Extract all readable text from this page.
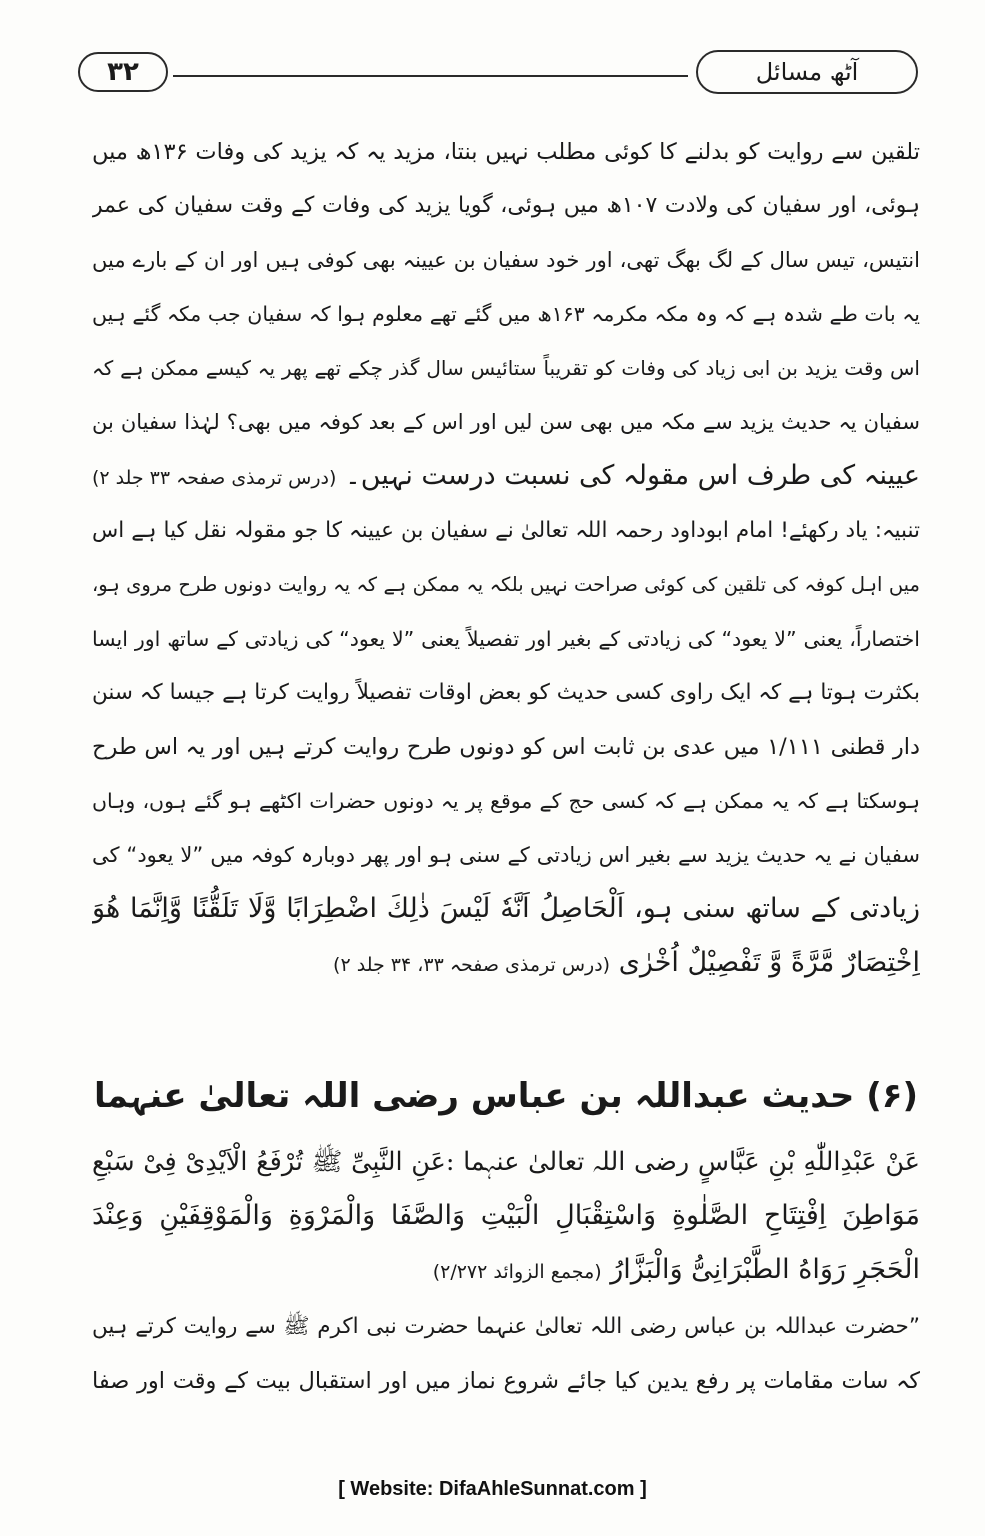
۳۲	آٹھ مسائل
تلقین سے روایت کو بدلنے کا کوئی مطلب نہیں بنتا، مزید یہ کہ یزید کی وفات ۱۳۶ھ میں
ہوئی، اور سفیان کی ولادت ۱۰۷ھ میں ہوئی، گویا یزید کی وفات کے وقت سفیان کی عمر
انتیس، تیس سال کے لگ بھگ تھی، اور خود سفیان بن عیینہ بھی کوفی ہیں اور ان کے بارے میں
یہ بات طے شدہ ہے کہ وہ مکہ مکرمہ ۱۶۳ھ میں گئے تھے معلوم ہوا کہ سفیان جب مکہ گئے ہیں
اس وقت یزید بن ابی زیاد کی وفات کو تقریباً ستائیس سال گذر چکے تھے پھر یہ کیسے ممکن ہے کہ
سفیان یہ حدیث یزید سے مکہ میں بھی سن لیں اور اس کے بعد کوفہ میں بھی؟ لہٰذا سفیان بن
عیینہ کی طرف اس مقولہ کی نسبت درست نہیں۔ (درس ترمذی صفحہ ۳۳ جلد ۲)
تنبیہ: یاد رکھئے! امام ابوداود رحمہ اللہ تعالیٰ نے سفیان بن عیینہ کا جو مقولہ نقل کیا ہے اس
میں اہل کوفہ کی تلقین کی کوئی صراحت نہیں بلکہ یہ ممکن ہے کہ یہ روایت دونوں طرح مروی ہو،
اختصاراً، یعنی ”لا یعود“ کی زیادتی کے بغیر اور تفصیلاً یعنی ”لا یعود“ کی زیادتی کے ساتھ اور ایسا
بکثرت ہوتا ہے کہ ایک راوی کسی حدیث کو بعض اوقات تفصیلاً روایت کرتا ہے جیسا کہ سنن
دار قطنی ۱/۱۱۱ میں عدی بن ثابت اس کو دونوں طرح روایت کرتے ہیں اور یہ اس طرح
ہوسکتا ہے کہ یہ ممکن ہے کہ کسی حج کے موقع پر یہ دونوں حضرات اکٹھے ہو گئے ہوں، وہاں
سفیان نے یہ حدیث یزید سے بغیر اس زیادتی کے سنی ہو اور پھر دوبارہ کوفہ میں ”لا یعود“ کی
زیادتی کے ساتھ سنی ہو، اَلْحَاصِلُ اَنَّهٗ لَيْسَ ذٰلِكَ اضْطِرَابًا وَّلَا تَلَقُّنًا وَّاِنَّمَا هُوَ
اِخْتِصَارٌ مَّرَّةً وَّ تَفْصِيْلٌ اُخْرٰى (درس ترمذی صفحہ ۳۳، ۳۴ جلد ۲)
(۶) حدیث عبداللہ بن عباس رضی اللہ تعالیٰ عنہما
عَنْ عَبْدِاللّٰهِ بْنِ عَبَّاسٍ رضی اللہ تعالیٰ عنہما :عَنِ النَّبِیِّ ﷺ تُرْفَعُ الْاَيْدِیْ فِیْ سَبْعِ
مَوَاطِنَ اِفْتِتَاحِ الصَّلٰوةِ وَاسْتِقْبَالِ الْبَيْتِ وَالصَّفَا وَالْمَرْوَةِ وَالْمَوْقِفَيْنِ وَعِنْدَ
الْحَجَرِ رَوَاهُ الطَّبْرَانِیُّ وَالْبَزَّارُ (مجمع الزوائد ۲/۲۷۲)
”حضرت عبداللہ بن عباس رضی اللہ تعالیٰ عنہما حضرت نبی اکرم ﷺ سے روایت کرتے ہیں
کہ سات مقامات پر رفع یدین کیا جائے شروع نماز میں اور استقبال بیت کے وقت اور صفا
[ Website: DifaAhleSunnat.com ]
